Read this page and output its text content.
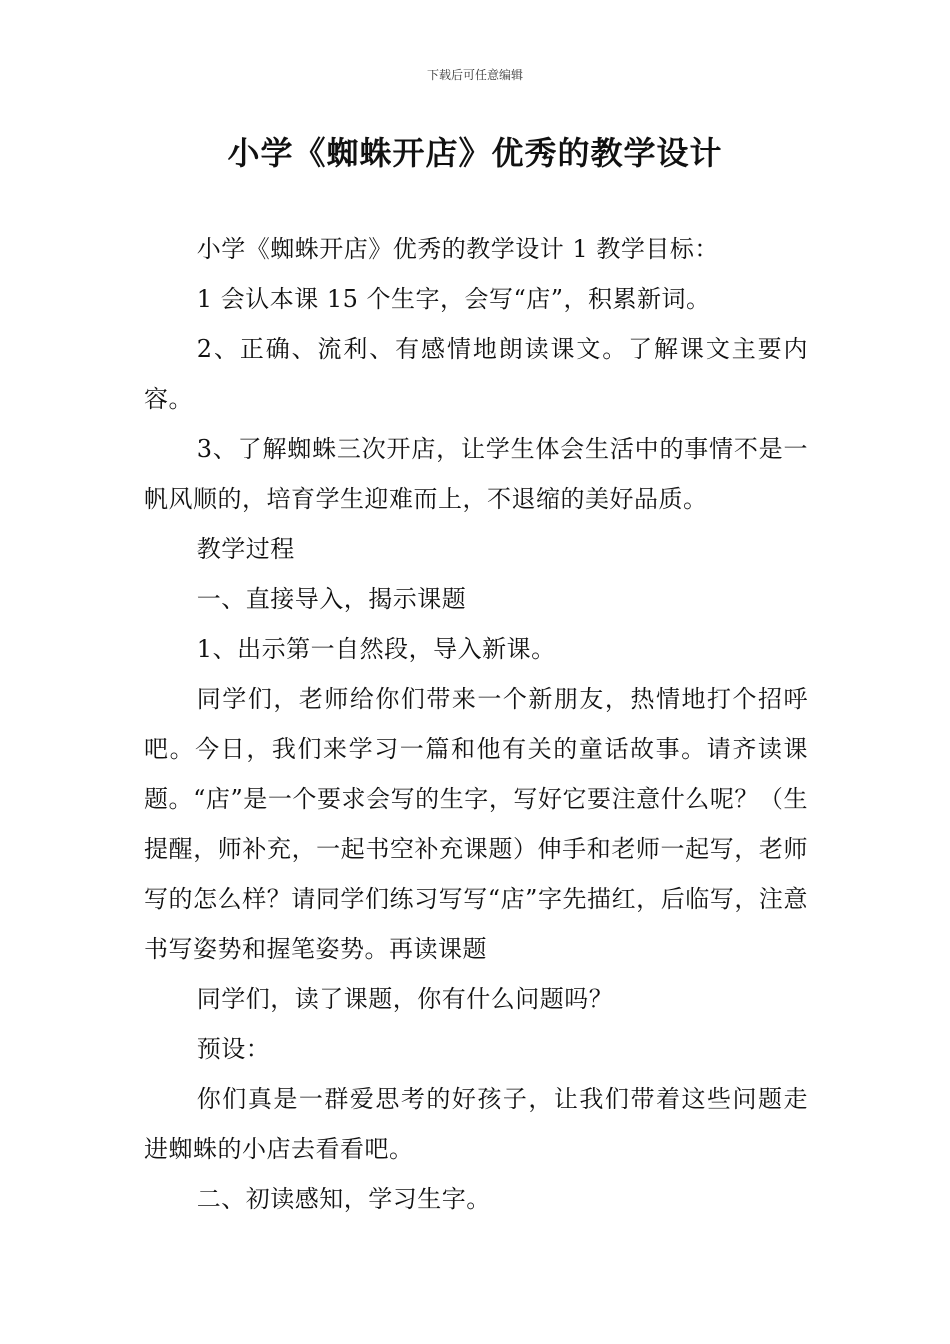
下载后可任意编辑
小学《蜘蛛开店》优秀的教学设计

小学《蜘蛛开店》优秀的教学设计 1 教学目标：

1 会认本课 15 个生字，会写“店”，积累新词。

2、正确、流利、有感情地朗读课文。了解课文主要内容。

3、了解蜘蛛三次开店，让学生体会生活中的事情不是一帆风顺的，培育学生迎难而上，不退缩的美好品质。

教学过程

一、直接导入，揭示课题

1、出示第一自然段，导入新课。

同学们，老师给你们带来一个新朋友，热情地打个招呼吧。今日，我们来学习一篇和他有关的童话故事。请齐读课题。“店”是一个要求会写的生字，写好它要注意什么呢？（生提醒，师补充，一起书空补充课题）伸手和老师一起写，老师写的怎么样？请同学们练习写写“店”字先描红，后临写，注意书写姿势和握笔姿势。再读课题

同学们，读了课题，你有什么问题吗？

预设：

你们真是一群爱思考的好孩子，让我们带着这些问题走进蜘蛛的小店去看看吧。

二、初读感知，学习生字。
